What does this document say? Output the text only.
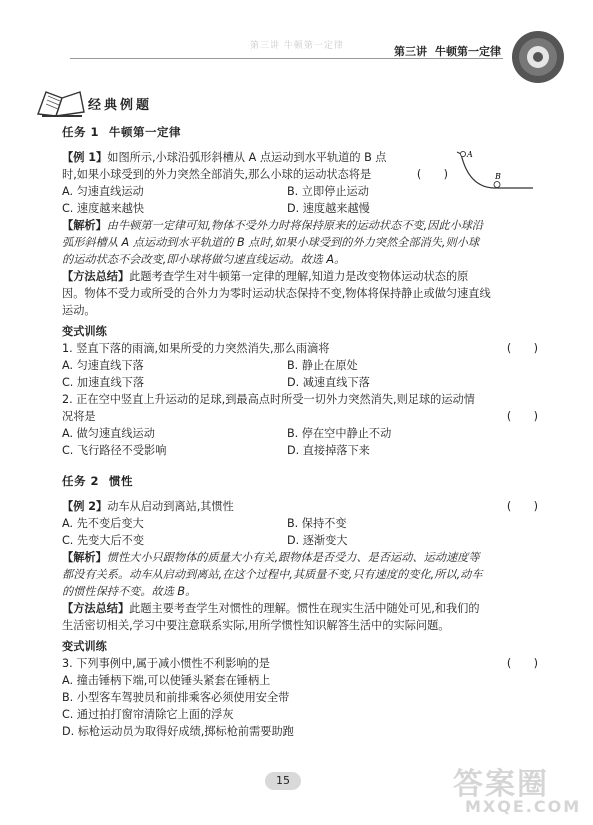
第三讲 牛顿第一定律	第三讲 牛顿第一定律
经典例题
A
B
任务 1 牛顿第一定律
【例 1】如图所示,小球沿弧形斜槽从 A 点运动到水平轨道的 B 点
时,如果小球受到的外力突然全部消失,那么小球的运动状态将是	(　　)
A. 匀速直线运动	B. 立即停止运动
C. 速度越来越快	D. 速度越来越慢
【解析】由牛顿第一定律可知,物体不受外力时将保持原来的运动状态不变,因此小球沿
弧形斜槽从 A 点运动到水平轨道的 B 点时,如果小球受到的外力突然全部消失,则小球
的运动状态不会改变,即小球将做匀速直线运动。故选 A。
【方法总结】此题考查学生对牛顿第一定律的理解,知道力是改变物体运动状态的原
因。物体不受力或所受的合外力为零时运动状态保持不变,物体将保持静止或做匀速直线
运动。
变式训练
1. 竖直下落的雨滴,如果所受的力突然消失,那么雨滴将	(　　)
A. 匀速直线下落	B. 静止在原处
C. 加速直线下落	D. 减速直线下落
2. 正在空中竖直上升运动的足球,到最高点时所受一切外力突然消失,则足球的运动情
况将是	(　　)
A. 做匀速直线运动	B. 停在空中静止不动
C. 飞行路径不受影响	D. 直接掉落下来
任务 2 惯性
【例 2】动车从启动到离站,其惯性	(　　)
A. 先不变后变大	B. 保持不变
C. 先变大后不变	D. 逐渐变大
【解析】惯性大小只跟物体的质量大小有关,跟物体是否受力、是否运动、运动速度等
都没有关系。动车从启动到离站,在这个过程中,其质量不变,只有速度的变化,所以,动车
的惯性保持不变。故选 B。
【方法总结】此题主要考查学生对惯性的理解。惯性在现实生活中随处可见,和我们的
生活密切相关,学习中要注意联系实际,用所学惯性知识解答生活中的实际问题。
变式训练
3. 下列事例中,属于减小惯性不利影响的是	(　　)
A. 撞击锤柄下端,可以使锤头紧套在锤柄上
B. 小型客车驾驶员和前排乘客必须使用安全带
C. 通过拍打窗帘清除它上面的浮灰
D. 标枪运动员为取得好成绩,掷标枪前需要助跑
15	答案圈
MXQE.COM
